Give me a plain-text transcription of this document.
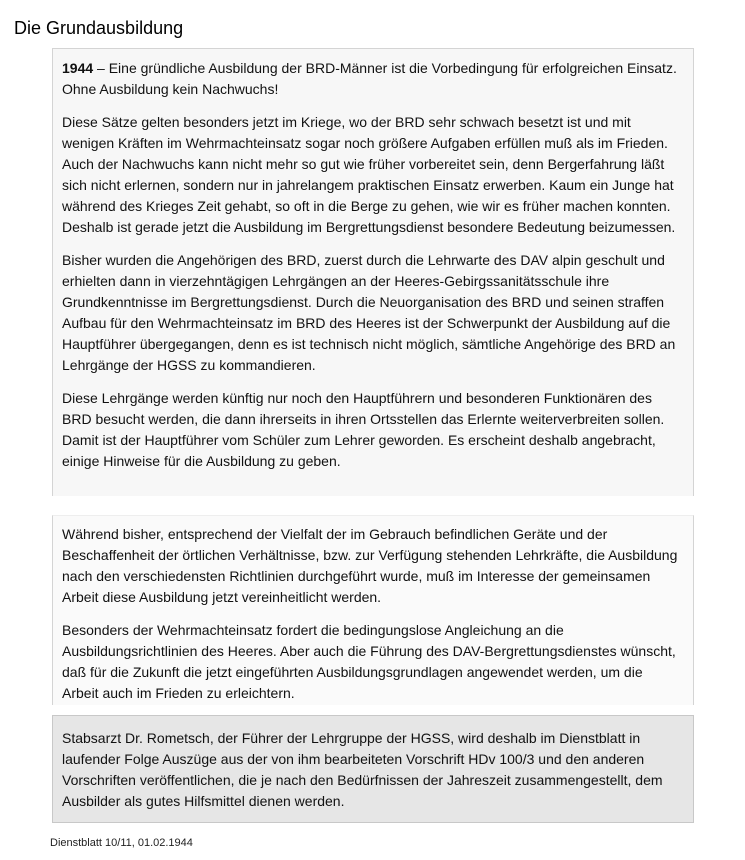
Die Grundausbildung

1944 – Eine gründliche Ausbildung der BRD-Männer ist die Vorbedingung für erfolgreichen Einsatz. Ohne Ausbildung kein Nachwuchs!

Diese Sätze gelten besonders jetzt im Kriege, wo der BRD sehr schwach besetzt ist und mit wenigen Kräften im Wehrmachteinsatz sogar noch größere Aufgaben erfüllen muß als im Frieden. Auch der Nachwuchs kann nicht mehr so gut wie früher vorbereitet sein, denn Bergerfahrung läßt sich nicht erlernen, sondern nur in jahrelangem praktischen Einsatz erwerben. Kaum ein Junge hat während des Krieges Zeit gehabt, so oft in die Berge zu gehen, wie wir es früher machen konnten. Deshalb ist gerade jetzt die Ausbildung im Bergrettungsdienst besondere Bedeutung beizumessen.

Bisher wurden die Angehörigen des BRD, zuerst durch die Lehrwarte des DAV alpin geschult und erhielten dann in vierzehntägigen Lehrgängen an der Heeres-Gebirgssanitätsschule ihre Grundkenntnisse im Bergrettungsdienst. Durch die Neuorganisation des BRD und seinen straffen Aufbau für den Wehrmachteinsatz im BRD des Heeres ist der Schwerpunkt der Ausbildung auf die Hauptführer übergegangen, denn es ist technisch nicht möglich, sämtliche Angehörige des BRD an Lehrgänge der HGSS zu kommandieren.

Diese Lehrgänge werden künftig nur noch den Hauptführern und besonderen Funktionären des BRD besucht werden, die dann ihrerseits in ihren Ortsstellen das Erlernte weiterverbreiten sollen. Damit ist der Hauptführer vom Schüler zum Lehrer geworden. Es erscheint deshalb angebracht, einige Hinweise für die Ausbildung zu geben.

Während bisher, entsprechend der Vielfalt der im Gebrauch befindlichen Geräte und der Beschaffenheit der örtlichen Verhältnisse, bzw. zur Verfügung stehenden Lehrkräfte, die Ausbildung nach den verschiedensten Richtlinien durchgeführt wurde, muß im Interesse der gemeinsamen Arbeit diese Ausbildung jetzt vereinheitlicht werden.

Besonders der Wehrmachteinsatz fordert die bedingungslose Angleichung an die Ausbildungsrichtlinien des Heeres. Aber auch die Führung des DAV-Bergrettungsdienstes wünscht, daß für die Zukunft die jetzt eingeführten Ausbildungsgrundlagen angewendet werden, um die Arbeit auch im Frieden zu erleichtern.

Stabsarzt Dr. Rometsch, der Führer der Lehrgruppe der HGSS, wird deshalb im Dienstblatt in laufender Folge Auszüge aus der von ihm bearbeiteten Vorschrift HDv 100/3 und den anderen Vorschriften veröffentlichen, die je nach den Bedürfnissen der Jahreszeit zusammengestellt, dem Ausbilder als gutes Hilfsmittel dienen werden.

Dienstblatt 10/11, 01.02.1944
